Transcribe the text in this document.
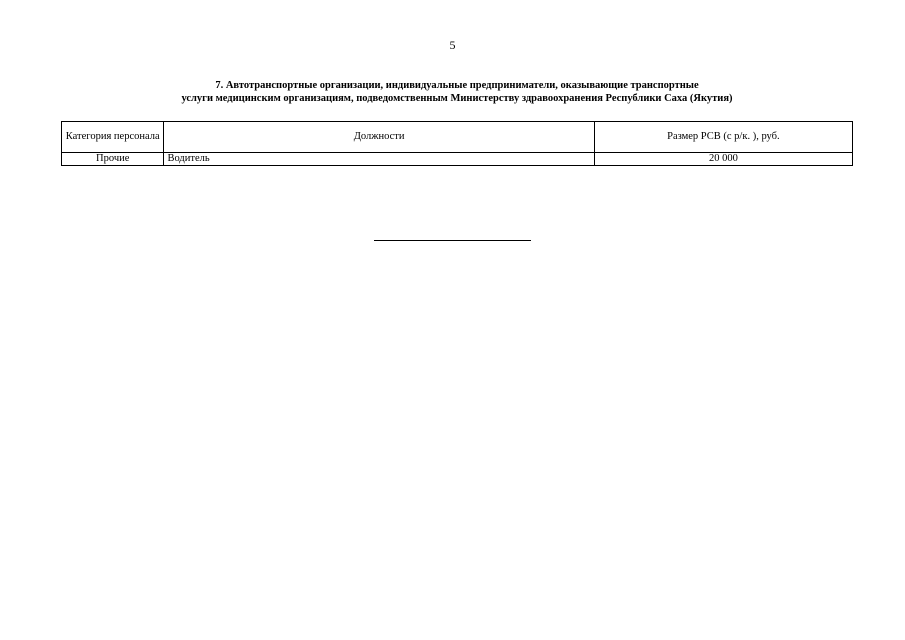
5
7. Автотранспортные организации, индивидуальные предприниматели, оказывающие транспортные
услуги медицинским организациям, подведомственным Министерству здравоохранения Республики Саха (Якутия)
Категория персонала	Должности	Размер РСВ (с р/к. ), руб.
Прочие	Водитель	20 000
